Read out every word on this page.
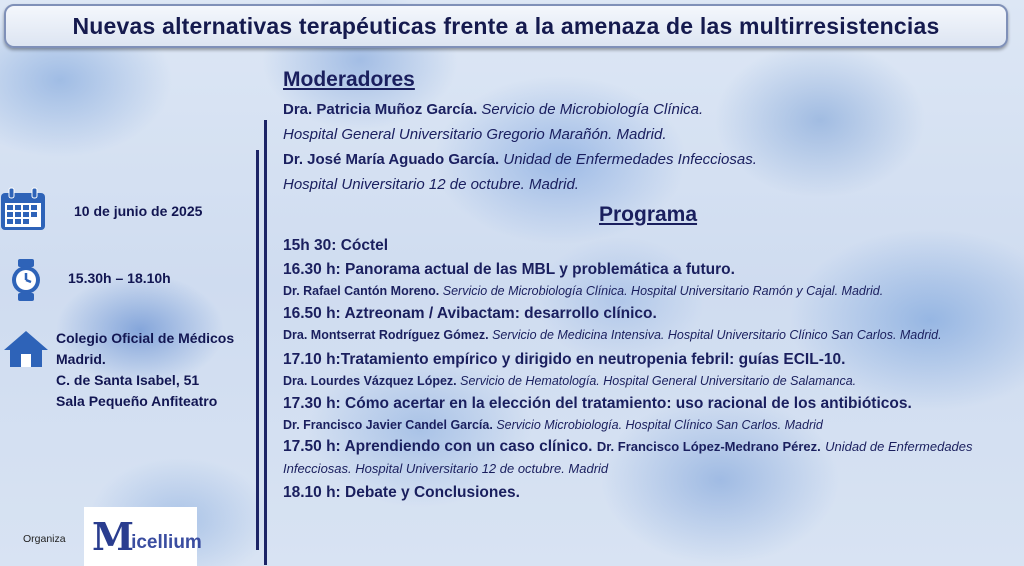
Nuevas alternativas terapéuticas frente a la amenaza de las multirresistencias
10 de junio de 2025
15.30h – 18.10h
Colegio Oficial de Médicos
Madrid.
C. de Santa Isabel, 51
Sala Pequeño Anfiteatro
Moderadores
Dra. Patricia Muñoz García. Servicio de Microbiología Clínica.
Hospital General Universitario Gregorio Marañón. Madrid.
Dr. José María Aguado García. Unidad de Enfermedades Infecciosas.
Hospital Universitario 12 de octubre. Madrid.
Programa
15h 30: Cóctel
16.30 h: Panorama actual de las MBL y problemática a futuro.
Dr. Rafael Cantón Moreno. Servicio de Microbiología Clínica. Hospital Universitario Ramón y Cajal. Madrid.
16.50 h: Aztreonam / Avibactam: desarrollo clínico.
Dra. Montserrat Rodríguez Gómez. Servicio de Medicina Intensiva. Hospital Universitario Clínico San Carlos. Madrid.
17.10 h:Tratamiento empírico y dirigido en neutropenia febril: guías ECIL-10.
Dra. Lourdes Vázquez López. Servicio de Hematología. Hospital General Universitario de Salamanca.
17.30 h: Cómo acertar en la elección del tratamiento: uso racional de los antibióticos.
Dr. Francisco Javier Candel García. Servicio Microbiología. Hospital Clínico San Carlos. Madrid
17.50 h: Aprendiendo con un caso clínico. Dr. Francisco López-Medrano Pérez. Unidad de Enfermedades Infecciosas. Hospital Universitario 12 de octubre. Madrid
18.10 h: Debate y Conclusiones.
Organiza M
icellium
